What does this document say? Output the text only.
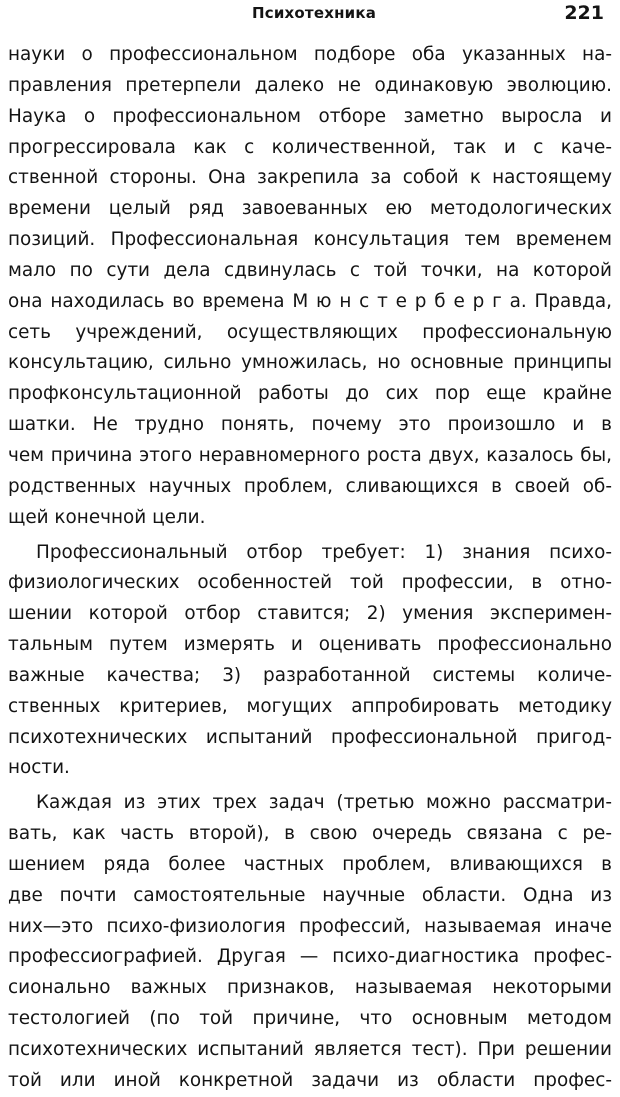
Психотехника	221
науки о профессиональном подборе оба указанных на-
правления претерпели далеко не одинаковую эволюцию.
Наука о профессиональном отборе заметно выросла и
прогрессировала как с количественной, так и с каче-
ственной стороны. Она закрепила за собой к настоящему
времени целый ряд завоеванных ею методологических
позиций. Профессиональная консультация тем временем
мало по сути дела сдвинулась с той точки, на которой
она находилась во времена М ю н с т е р б е р г а. Правда,
сеть учреждений, осуществляющих профессиональную
консультацию, сильно умножилась, но основные принципы
профконсультационной работы до сих пор еще крайне
шатки. Не трудно понять, почему это произошло и в
чем причина этого неравномерного роста двух, казалось бы,
родственных научных проблем, сливающихся в своей об-
щей конечной цели.
Профессиональный отбор требует: 1) знания психо-
физиологических особенностей той профессии, в отно-
шении которой отбор ставится; 2) умения эксперимен-
тальным путем измерять и оценивать профессионально
важные качества; 3) разработанной системы количе-
ственных критериев, могущих аппробировать методику
психотехнических испытаний профессиональной пригод-
ности.
Каждая из этих трех задач (третью можно рассматри-
вать, как часть второй), в свою очередь связана с ре-
шением ряда более частных проблем, вливающихся в
две почти самостоятельные научные области. Одна из
них—это психо-физиология профессий, называемая иначе
профессиографией. Другая — психо-диагностика профес-
сионально важных признаков, называемая некоторыми
тестологией (по той причине, что основным методом
психотехнических испытаний является тест). При решении
той или иной конкретной задачи из области профес-
